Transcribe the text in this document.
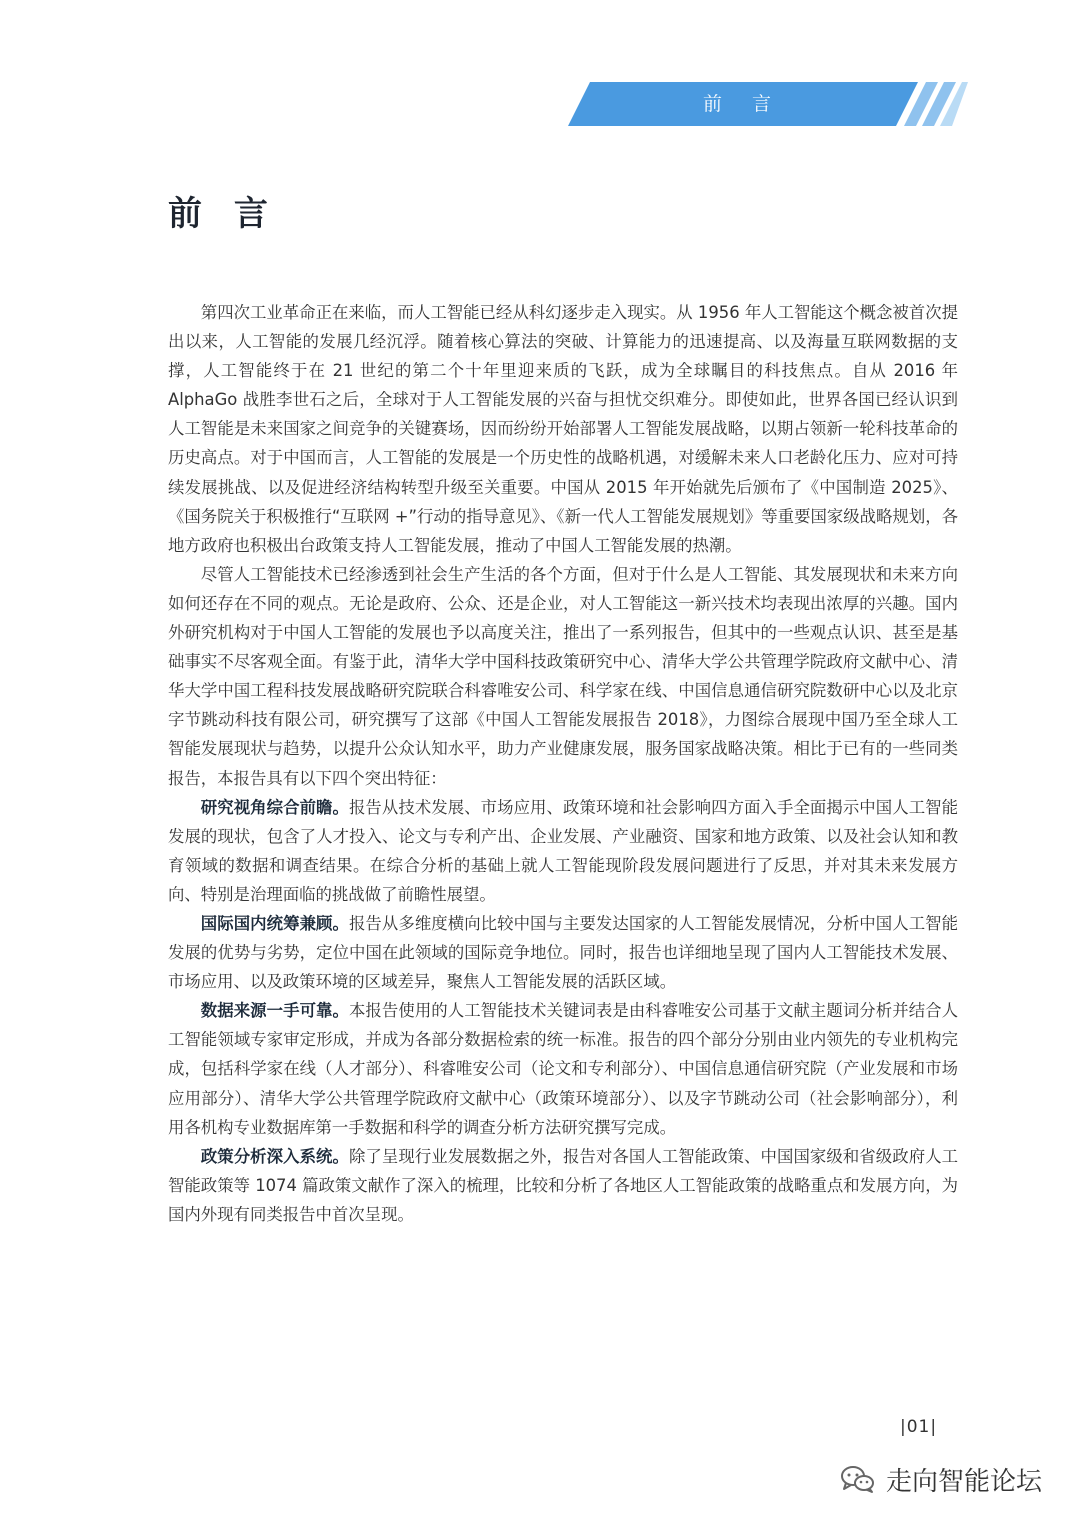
前 言
前 言

第四次工业革命正在来临，而人工智能已经从科幻逐步走入现实。从 1956 年人工智能这个概念被首次提出以来，人工智能的发展几经沉浮。随着核心算法的突破、计算能力的迅速提高、以及海量互联网数据的支撑，人工智能终于在 21 世纪的第二个十年里迎来质的飞跃，成为全球瞩目的科技焦点。自从 2016 年 AlphaGo 战胜李世石之后，全球对于人工智能发展的兴奋与担忧交织难分。即使如此，世界各国已经认识到人工智能是未来国家之间竞争的关键赛场，因而纷纷开始部署人工智能发展战略，以期占领新一轮科技革命的历史高点。对于中国而言，人工智能的发展是一个历史性的战略机遇，对缓解未来人口老龄化压力、应对可持续发展挑战、以及促进经济结构转型升级至关重要。中国从 2015 年开始就先后颁布了《中国制造 2025》、《国务院关于积极推行“互联网 +”行动的指导意见》、《新一代人工智能发展规划》等重要国家级战略规划，各地方政府也积极出台政策支持人工智能发展，推动了中国人工智能发展的热潮。

尽管人工智能技术已经渗透到社会生产生活的各个方面，但对于什么是人工智能、其发展现状和未来方向如何还存在不同的观点。无论是政府、公众、还是企业，对人工智能这一新兴技术均表现出浓厚的兴趣。国内外研究机构对于中国人工智能的发展也予以高度关注，推出了一系列报告，但其中的一些观点认识、甚至是基础事实不尽客观全面。有鉴于此，清华大学中国科技政策研究中心、清华大学公共管理学院政府文献中心、清华大学中国工程科技发展战略研究院联合科睿唯安公司、科学家在线、中国信息通信研究院数研中心以及北京字节跳动科技有限公司，研究撰写了这部《中国人工智能发展报告 2018》，力图综合展现中国乃至全球人工智能发展现状与趋势，以提升公众认知水平，助力产业健康发展，服务国家战略决策。相比于已有的一些同类报告，本报告具有以下四个突出特征：

研究视角综合前瞻。报告从技术发展、市场应用、政策环境和社会影响四方面入手全面揭示中国人工智能发展的现状，包含了人才投入、论文与专利产出、企业发展、产业融资、国家和地方政策、以及社会认知和教育领域的数据和调查结果。在综合分析的基础上就人工智能现阶段发展问题进行了反思，并对其未来发展方向、特别是治理面临的挑战做了前瞻性展望。

国际国内统筹兼顾。报告从多维度横向比较中国与主要发达国家的人工智能发展情况，分析中国人工智能发展的优势与劣势，定位中国在此领域的国际竞争地位。同时，报告也详细地呈现了国内人工智能技术发展、市场应用、以及政策环境的区域差异，聚焦人工智能发展的活跃区域。

数据来源一手可靠。本报告使用的人工智能技术关键词表是由科睿唯安公司基于文献主题词分析并结合人工智能领域专家审定形成，并成为各部分数据检索的统一标准。报告的四个部分分别由业内领先的专业机构完成，包括科学家在线（人才部分）、科睿唯安公司（论文和专利部分）、中国信息通信研究院（产业发展和市场应用部分）、清华大学公共管理学院政府文献中心（政策环境部分）、以及字节跳动公司（社会影响部分），利用各机构专业数据库第一手数据和科学的调查分析方法研究撰写完成。

政策分析深入系统。除了呈现行业发展数据之外，报告对各国人工智能政策、中国国家级和省级政府人工智能政策等 1074 篇政策文献作了深入的梳理，比较和分析了各地区人工智能政策的战略重点和发展方向，为国内外现有同类报告中首次呈现。

|01|
走向智能论坛
